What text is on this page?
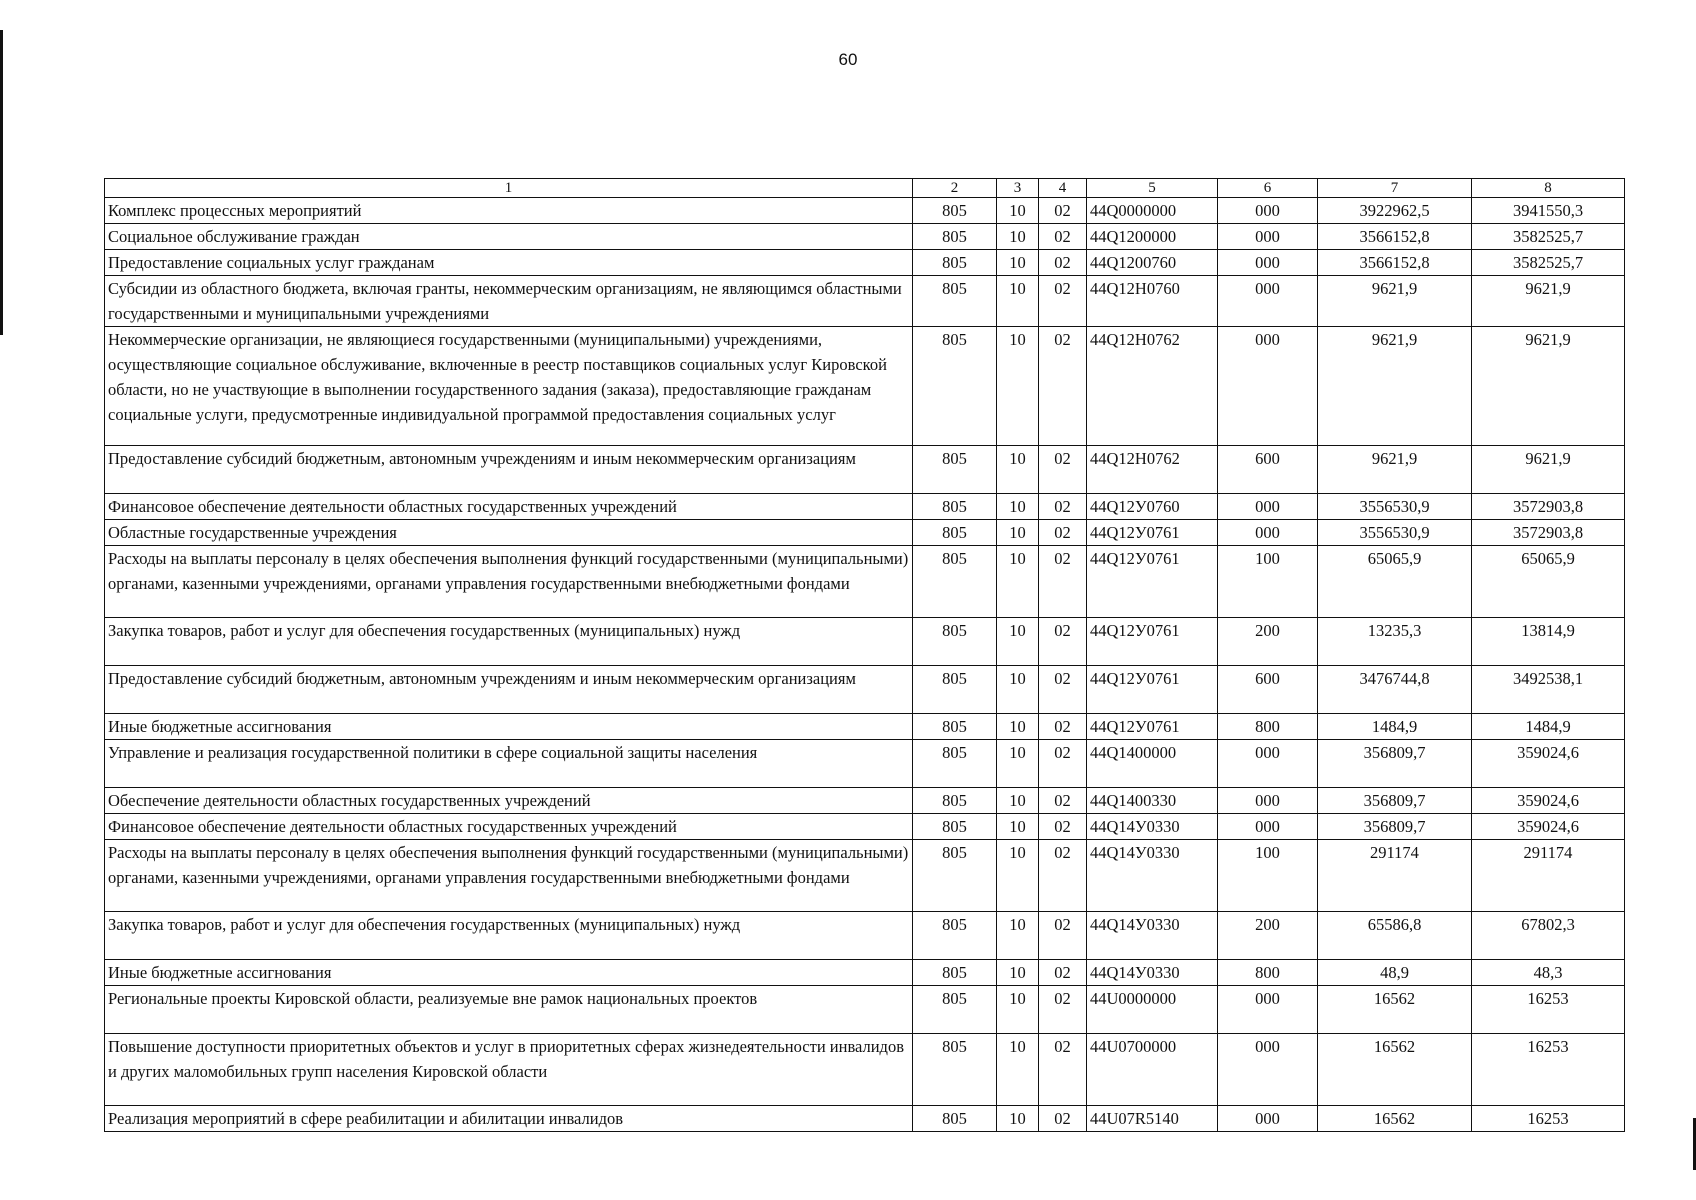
60
1	2	3	4	5	6	7	8
Комплекс процессных мероприятий	805	10	02	44Q0000000	000	3922962,5	3941550,3
Социальное обслуживание граждан	805	10	02	44Q1200000	000	3566152,8	3582525,7
Предоставление социальных услуг гражданам	805	10	02	44Q1200760	000	3566152,8	3582525,7
Субсидии из областного бюджета, включая гранты, некоммерческим организациям, не являющимся областными государственными и муниципальными учреждениями	805	10	02	44Q12H0760	000	9621,9	9621,9
Некоммерческие организации, не являющиеся государственными (муниципальными) учреждениями, осуществляющие социальное обслуживание, включенные в реестр поставщиков социальных услуг Кировской области, но не участвующие в выполнении государственного задания (заказа), предоставляющие гражданам социальные услуги, предусмотренные индивидуальной программой предоставления социальных услуг	805	10	02	44Q12H0762	000	9621,9	9621,9
Предоставление субсидий бюджетным, автономным учреждениям и иным некоммерческим организациям	805	10	02	44Q12H0762	600	9621,9	9621,9
Финансовое обеспечение деятельности областных государственных учреждений	805	10	02	44Q12У0760	000	3556530,9	3572903,8
Областные государственные учреждения	805	10	02	44Q12У0761	000	3556530,9	3572903,8
Расходы на выплаты персоналу в целях обеспечения выполнения функций государственными (муниципальными) органами, казенными учреждениями, органами управления государственными внебюджетными фондами	805	10	02	44Q12У0761	100	65065,9	65065,9
Закупка товаров, работ и услуг для обеспечения государственных (муниципальных) нужд	805	10	02	44Q12У0761	200	13235,3	13814,9
Предоставление субсидий бюджетным, автономным учреждениям и иным некоммерческим организациям	805	10	02	44Q12У0761	600	3476744,8	3492538,1
Иные бюджетные ассигнования	805	10	02	44Q12У0761	800	1484,9	1484,9
Управление и реализация государственной политики в сфере социальной защиты населения	805	10	02	44Q1400000	000	356809,7	359024,6
Обеспечение деятельности областных государственных учреждений	805	10	02	44Q1400330	000	356809,7	359024,6
Финансовое обеспечение деятельности областных государственных учреждений	805	10	02	44Q14У0330	000	356809,7	359024,6
Расходы на выплаты персоналу в целях обеспечения выполнения функций государственными (муниципальными) органами, казенными учреждениями, органами управления государственными внебюджетными фондами	805	10	02	44Q14У0330	100	291174	291174
Закупка товаров, работ и услуг для обеспечения государственных (муниципальных) нужд	805	10	02	44Q14У0330	200	65586,8	67802,3
Иные бюджетные ассигнования	805	10	02	44Q14У0330	800	48,9	48,3
Региональные проекты Кировской области, реализуемые вне рамок национальных проектов	805	10	02	44U0000000	000	16562	16253
Повышение доступности приоритетных объектов и услуг в приоритетных сферах жизнедеятельности инвалидов и других маломобильных групп населения Кировской области	805	10	02	44U0700000	000	16562	16253
Реализация мероприятий в сфере реабилитации и абилитации инвалидов	805	10	02	44U07R5140	000	16562	16253
